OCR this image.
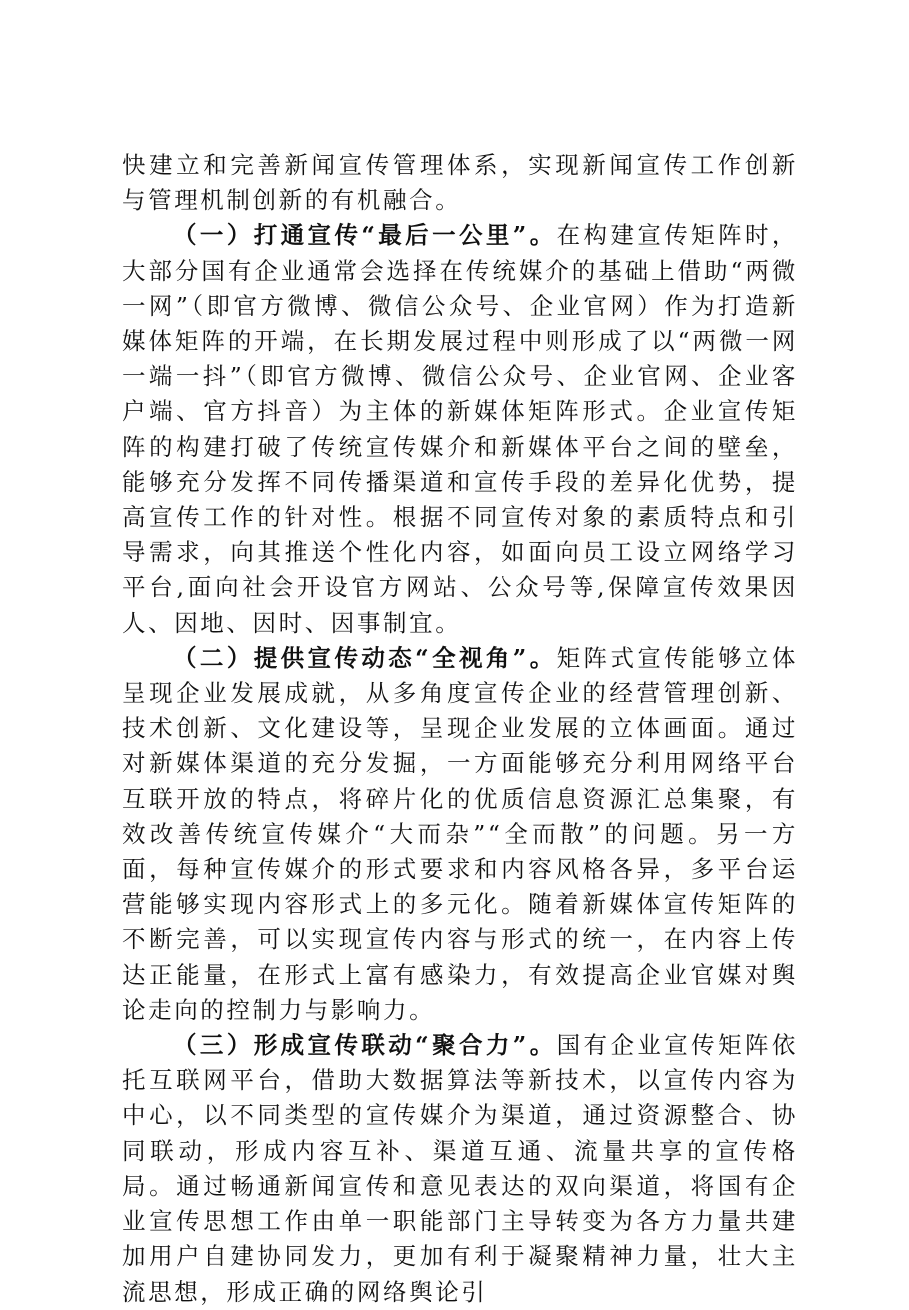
快建立和完善新闻宣传管理体系，实现新闻宣传工作创新与管理机制创新的有机融合。

（一）打通宣传“最后一公里”。在构建宣传矩阵时，大部分国有企业通常会选择在传统媒介的基础上借助“两微一网”（即官方微博、微信公众号、企业官网）作为打造新媒体矩阵的开端，在长期发展过程中则形成了以“两微一网一端一抖”（即官方微博、微信公众号、企业官网、企业客户端、官方抖音）为主体的新媒体矩阵形式。企业宣传矩阵的构建打破了传统宣传媒介和新媒体平台之间的壁垒，能够充分发挥不同传播渠道和宣传手段的差异化优势，提高宣传工作的针对性。根据不同宣传对象的素质特点和引导需求，向其推送个性化内容，如面向员工设立网络学习平台,面向社会开设官方网站、公众号等,保障宣传效果因人、因地、因时、因事制宜。

（二）提供宣传动态“全视角”。矩阵式宣传能够立体呈现企业发展成就，从多角度宣传企业的经营管理创新、技术创新、文化建设等，呈现企业发展的立体画面。通过对新媒体渠道的充分发掘，一方面能够充分利用网络平台互联开放的特点，将碎片化的优质信息资源汇总集聚，有效改善传统宣传媒介“大而杂”“全而散”的问题。另一方面，每种宣传媒介的形式要求和内容风格各异，多平台运营能够实现内容形式上的多元化。随着新媒体宣传矩阵的不断完善，可以实现宣传内容与形式的统一，在内容上传达正能量，在形式上富有感染力，有效提高企业官媒对舆论走向的控制力与影响力。

（三）形成宣传联动“聚合力”。国有企业宣传矩阵依托互联网平台，借助大数据算法等新技术，以宣传内容为中心，以不同类型的宣传媒介为渠道，通过资源整合、协同联动，形成内容互补、渠道互通、流量共享的宣传格局。通过畅通新闻宣传和意见表达的双向渠道，将国有企业宣传思想工作由单一职能部门主导转变为各方力量共建加用户自建协同发力，更加有利于凝聚精神力量，壮大主流思想，形成正确的网络舆论引
